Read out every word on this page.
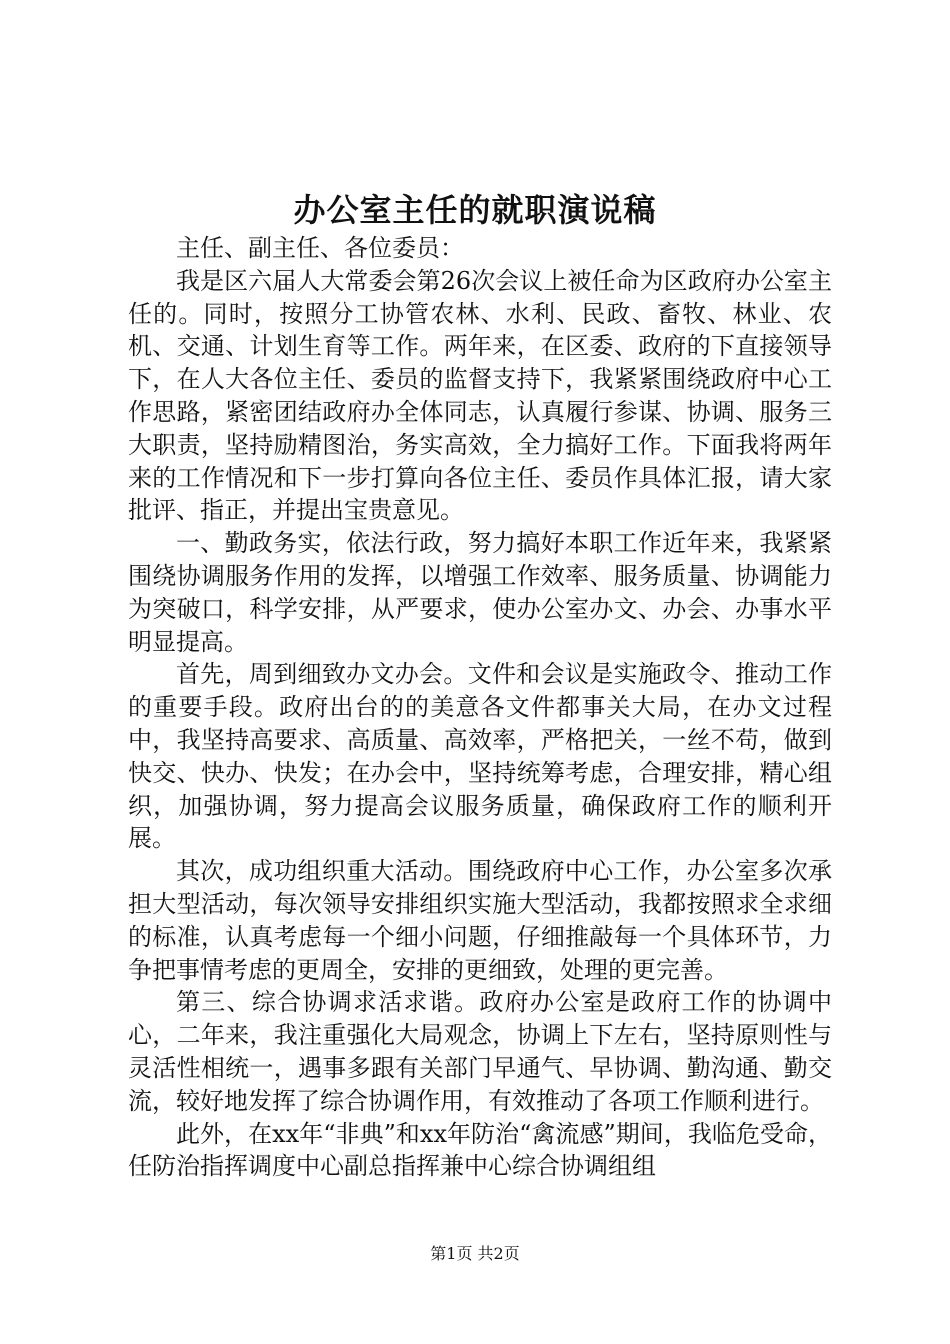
办公室主任的就职演说稿

主任、副主任、各位委员：

我是区六届人大常委会第26次会议上被任命为区政府办公室主任的。同时，按照分工协管农林、水利、民政、畜牧、林业、农机、交通、计划生育等工作。两年来，在区委、政府的下直接领导下，在人大各位主任、委员的监督支持下，我紧紧围绕政府中心工作思路，紧密团结政府办全体同志，认真履行参谋、协调、服务三大职责，坚持励精图治，务实高效，全力搞好工作。下面我将两年来的工作情况和下一步打算向各位主任、委员作具体汇报，请大家批评、指正，并提出宝贵意见。

一、勤政务实，依法行政，努力搞好本职工作近年来，我紧紧围绕协调服务作用的发挥，以增强工作效率、服务质量、协调能力为突破口，科学安排，从严要求，使办公室办文、办会、办事水平明显提高。

首先，周到细致办文办会。文件和会议是实施政令、推动工作的重要手段。政府出台的的美意各文件都事关大局，在办文过程中，我坚持高要求、高质量、高效率，严格把关，一丝不苟，做到快交、快办、快发；在办会中，坚持统筹考虑，合理安排，精心组织，加强协调，努力提高会议服务质量，确保政府工作的顺利开展。

其次，成功组织重大活动。围绕政府中心工作，办公室多次承担大型活动，每次领导安排组织实施大型活动，我都按照求全求细的标准，认真考虑每一个细小问题，仔细推敲每一个具体环节，力争把事情考虑的更周全，安排的更细致，处理的更完善。

第三、综合协调求活求谐。政府办公室是政府工作的协调中心，二年来，我注重强化大局观念，协调上下左右，坚持原则性与灵活性相统一，遇事多跟有关部门早通气、早协调、勤沟通、勤交流，较好地发挥了综合协调作用，有效推动了各项工作顺利进行。

此外，在xx年“非典”和xx年防治“禽流感”期间，我临危受命，任防治指挥调度中心副总指挥兼中心综合协调组组

第1页 共2页
